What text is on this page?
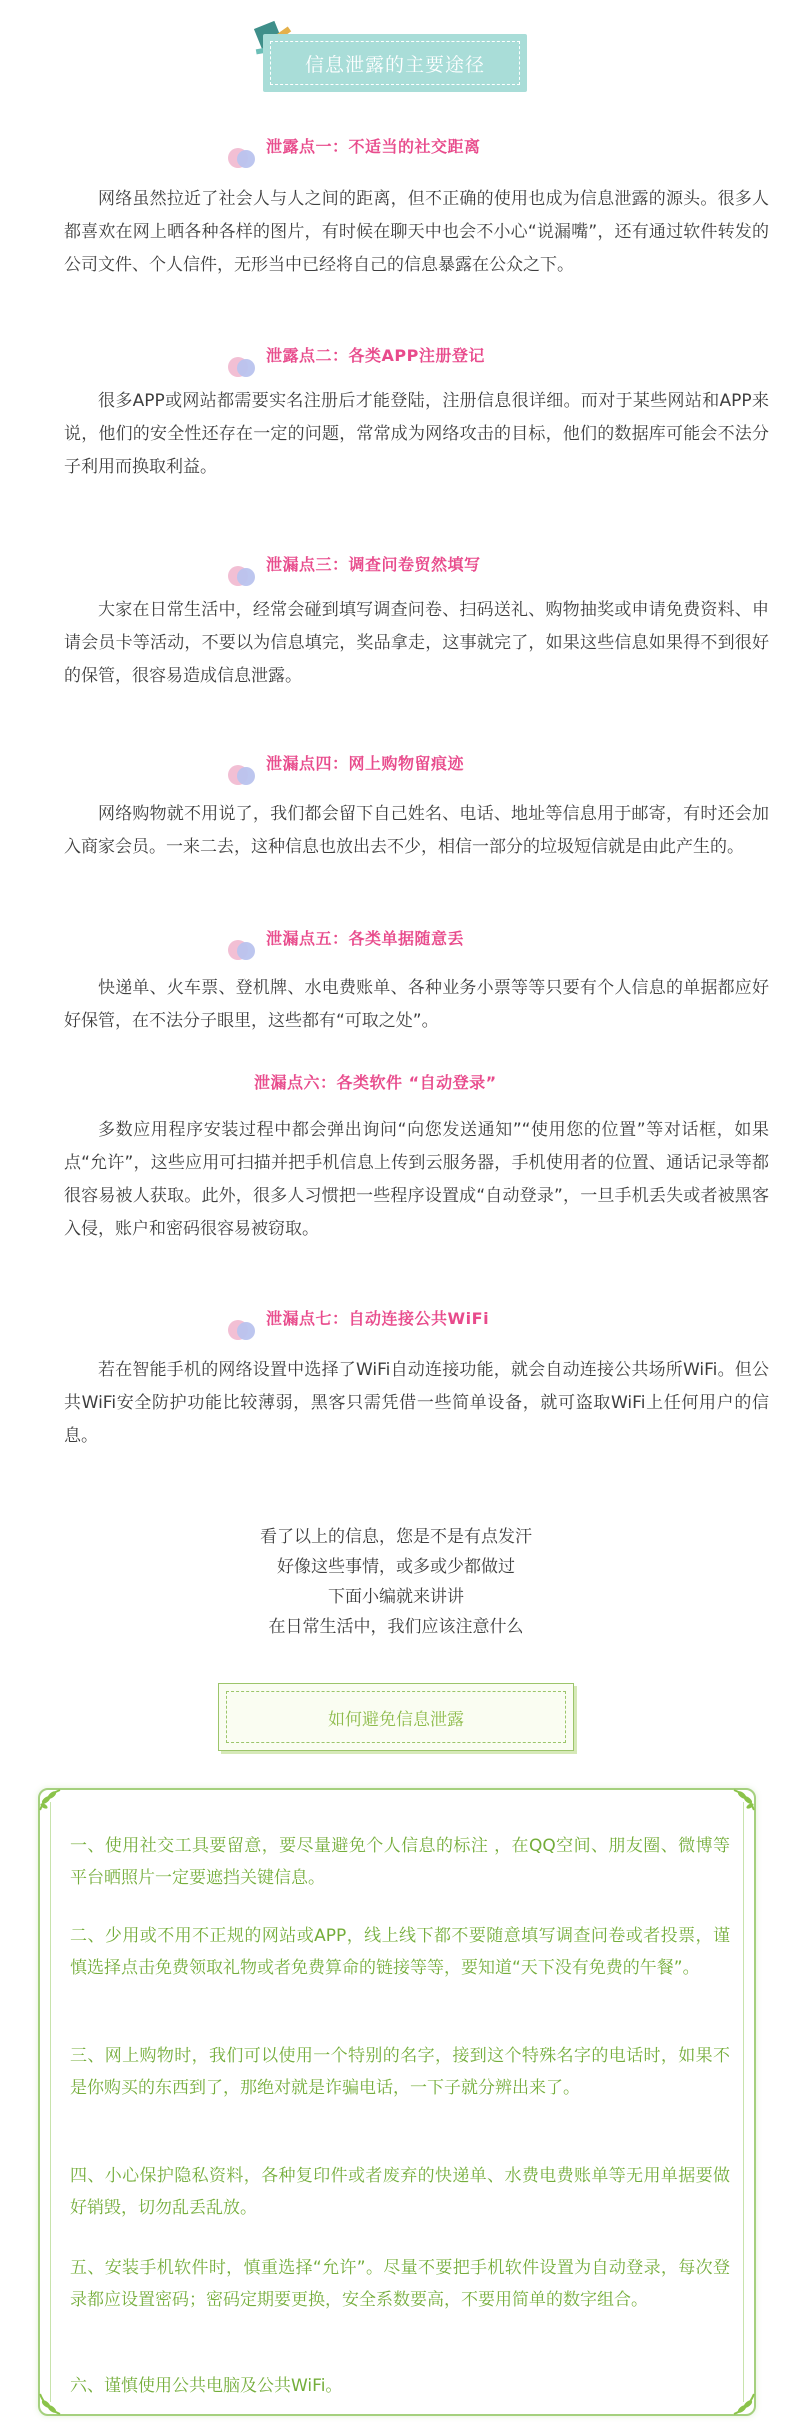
信息泄露的主要途径
泄露点一：不适当的社交距离

网络虽然拉近了社会人与人之间的距离，但不正确的使用也成为信息泄露的源头。很多人都喜欢在网上晒各种各样的图片，有时候在聊天中也会不小心“说漏嘴”，还有通过软件转发的公司文件、个人信件，无形当中已经将自己的信息暴露在公众之下。

泄露点二：各类APP注册登记

很多APP或网站都需要实名注册后才能登陆，注册信息很详细。而对于某些网站和APP来说，他们的安全性还存在一定的问题，常常成为网络攻击的目标，他们的数据库可能会不法分子利用而换取利益。

泄漏点三：调查问卷贸然填写

大家在日常生活中，经常会碰到填写调查问卷、扫码送礼、购物抽奖或申请免费资料、申请会员卡等活动，不要以为信息填完，奖品拿走，这事就完了，如果这些信息如果得不到很好的保管，很容易造成信息泄露。

泄漏点四：网上购物留痕迹

网络购物就不用说了，我们都会留下自己姓名、电话、地址等信息用于邮寄，有时还会加入商家会员。一来二去，这种信息也放出去不少，相信一部分的垃圾短信就是由此产生的。

泄漏点五：各类单据随意丢

快递单、火车票、登机牌、水电费账单、各种业务小票等等只要有个人信息的单据都应好好保管，在不法分子眼里，这些都有“可取之处”。

泄漏点六：各类软件 “自动登录”

多数应用程序安装过程中都会弹出询问“向您发送通知”“使用您的位置”等对话框，如果点“允许”，这些应用可扫描并把手机信息上传到云服务器，手机使用者的位置、通话记录等都很容易被人获取。此外，很多人习惯把一些程序设置成“自动登录”，一旦手机丢失或者被黑客入侵，账户和密码很容易被窃取。

泄漏点七：自动连接公共WiFi

若在智能手机的网络设置中选择了WiFi自动连接功能，就会自动连接公共场所WiFi。但公共WiFi安全防护功能比较薄弱，黑客只需凭借一些简单设备，就可盗取WiFi上任何用户的信息。

看了以上的信息，您是不是有点发汗
好像这些事情，或多或少都做过
下面小编就来讲讲
在日常生活中，我们应该注意什么
如何避免信息泄露

一、使用社交工具要留意，要尽量避免个人信息的标注 ，在QQ空间、朋友圈、微博等平台晒照片一定要遮挡关键信息。

二、少用或不用不正规的网站或APP，线上线下都不要随意填写调查问卷或者投票，谨慎选择点击免费领取礼物或者免费算命的链接等等，要知道“天下没有免费的午餐”。

三、网上购物时，我们可以使用一个特别的名字，接到这个特殊名字的电话时，如果不是你购买的东西到了，那绝对就是诈骗电话，一下子就分辨出来了。

四、小心保护隐私资料，各种复印件或者废弃的快递单、水费电费账单等无用单据要做好销毁，切勿乱丢乱放。

五、安装手机软件时，慎重选择“允许”。尽量不要把手机软件设置为自动登录，每次登录都应设置密码；密码定期要更换，安全系数要高，不要用简单的数字组合。

六、谨慎使用公共电脑及公共WiFi。
